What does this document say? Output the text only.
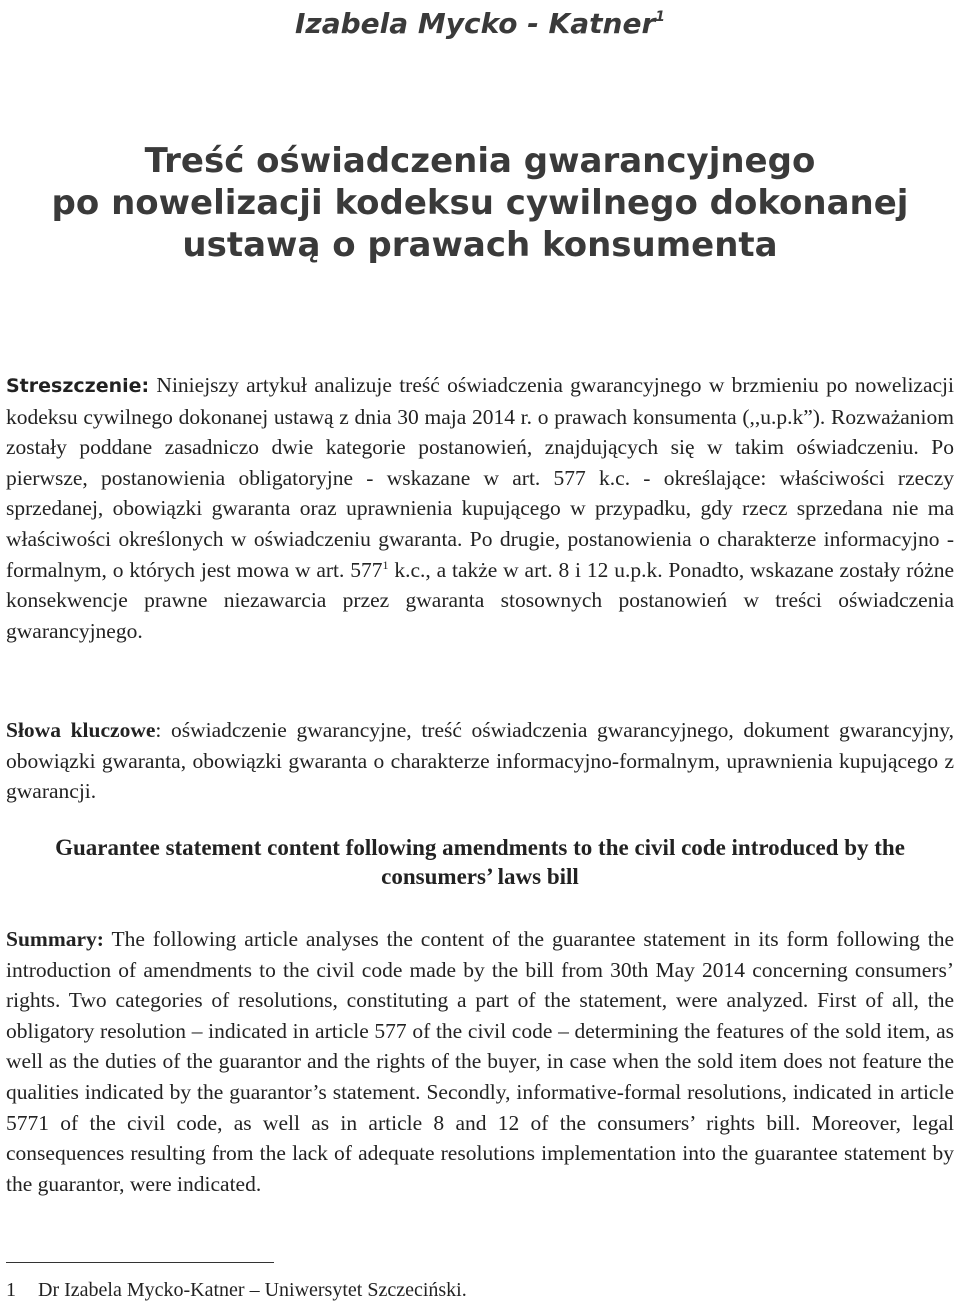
Izabela Mycko - Katner$^1$
Treść oświadczenia gwarancyjnego
po nowelizacji kodeksu cywilnego dokonanej
ustawą o prawach konsumenta
Streszczenie: Niniejszy artykuł analizuje treść oświadczenia gwarancyjnego w brzmieniu po nowelizacji kodeksu cywilnego dokonanej ustawą z dnia 30 maja 2014 r. o prawach konsumenta (,,u.p.k”). Rozważaniom zostały poddane zasadniczo dwie kategorie postanowień, znajdujących się w takim oświadczeniu. Po pierwsze, postanowienia obligatoryjne - wskazane w art. 577 k.c. - określające: właściwości rzeczy sprzedanej, obowiązki gwaranta oraz uprawnienia kupującego w przypadku, gdy rzecz sprzedana nie ma właściwości określonych w oświadczeniu gwaranta. Po drugie, postanowienia o charakterze informacyjno - formalnym, o których jest mowa w art. $577^1$ k.c., a także w art. 8 i 12 u.p.k. Ponadto, wskazane zostały różne konsekwencje prawne niezawarcia przez gwaranta stosownych postanowień w treści oświadczenia gwarancyjnego.
Słowa kluczowe: oświadczenie gwarancyjne, treść oświadczenia gwarancyjnego, dokument gwarancyjny, obowiązki gwaranta, obowiązki gwaranta o charakterze informacyjno-formalnym, uprawnienia kupującego z gwarancji.
Guarantee statement content following amendments to the civil code introduced by the
consumers’ laws bill
Summary: The following article analyses the content of the guarantee statement in its form following the introduction of amendments to the civil code made by the bill from 30th May 2014 concerning consumers’ rights. Two categories of resolutions, constituting a part of the statement, were analyzed. First of all, the obligatory resolution – indicated in article 577 of the civil code – determining the features of the sold item, as well as the duties of the guarantor and the rights of the buyer, in case when the sold item does not feature the qualities indicated by the guarantor’s statement. Secondly, informative-formal resolutions, indicated in article 5771 of the civil code, as well as in article 8 and 12 of the consumers’ rights bill. Moreover, legal consequences resulting from the lack of adequate resolutions implementation into the guarantee statement by the guarantor, were indicated.
1 Dr Izabela Mycko-Katner – Uniwersytet Szczeciński.
